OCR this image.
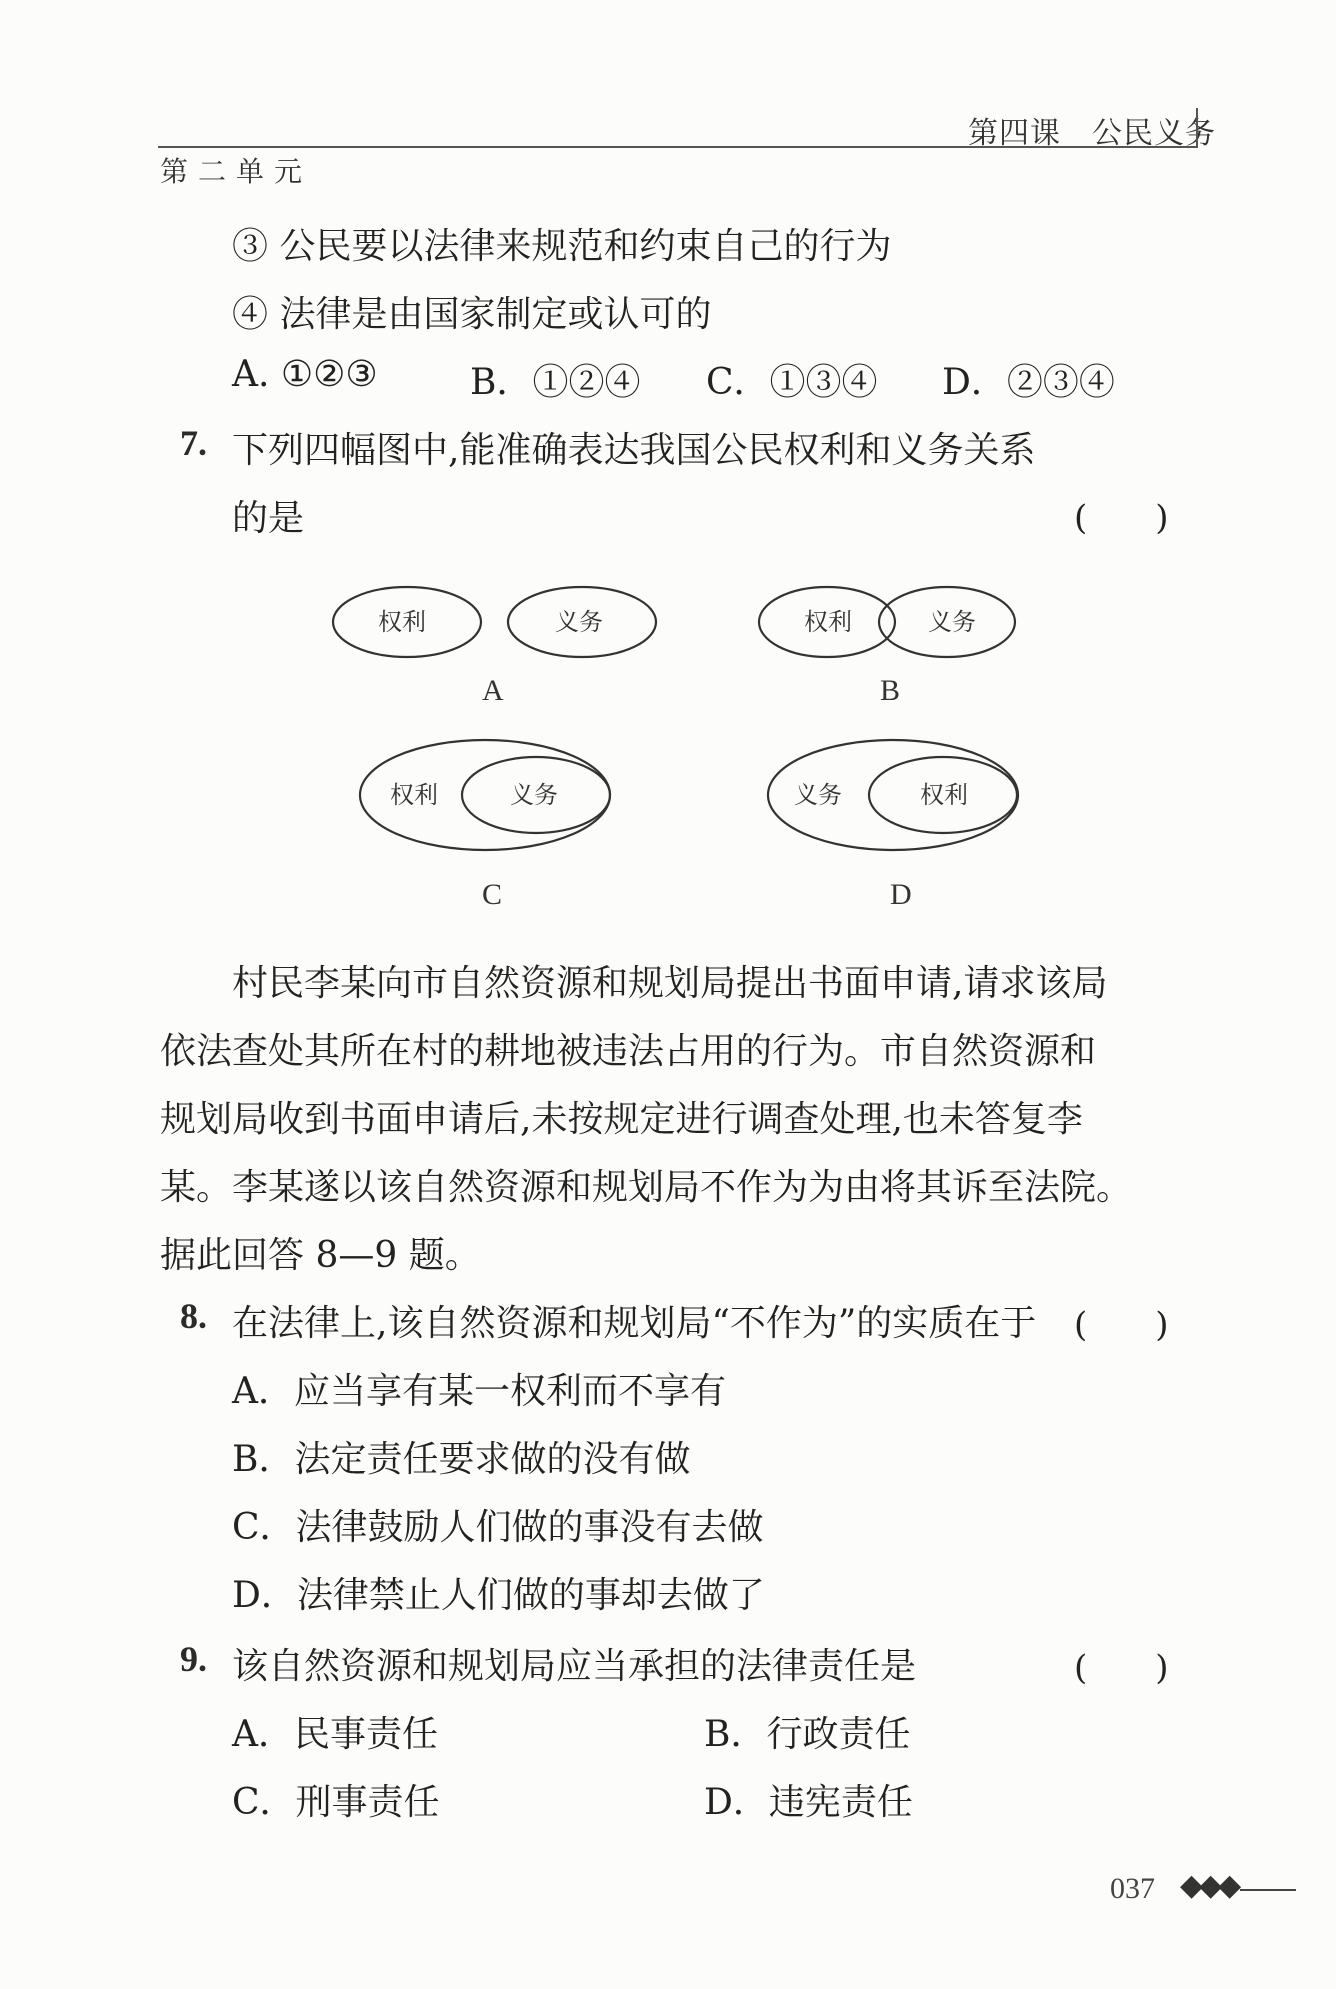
第四课　公民义务
第二单元
③ 公民要以法律来规范和约束自己的行为
④ 法律是由国家制定或认可的
A. ①②③	B．①②④ C．①③④ D．②③④
7. 下列四幅图中,能准确表达我国公民权利和义务关系
的是	(　　)
权利	义务	权利	义务
权利	义务	义务	权利
A	B
C	D
村民李某向市自然资源和规划局提出书面申请,请求该局
依法查处其所在村的耕地被违法占用的行为。市自然资源和
规划局收到书面申请后,未按规定进行调查处理,也未答复李
某。李某遂以该自然资源和规划局不作为为由将其诉至法院。
据此回答 8—9 题。
8. 在法律上,该自然资源和规划局“不作为”的实质在于 (　　)
A．应当享有某一权利而不享有
B．法定责任要求做的没有做
C．法律鼓励人们做的事没有去做
D．法律禁止人们做的事却去做了
9. 该自然资源和规划局应当承担的法律责任是	(　　)
A．民事责任	B．行政责任
C．刑事责任	D．违宪责任
037 ◆◆◆
